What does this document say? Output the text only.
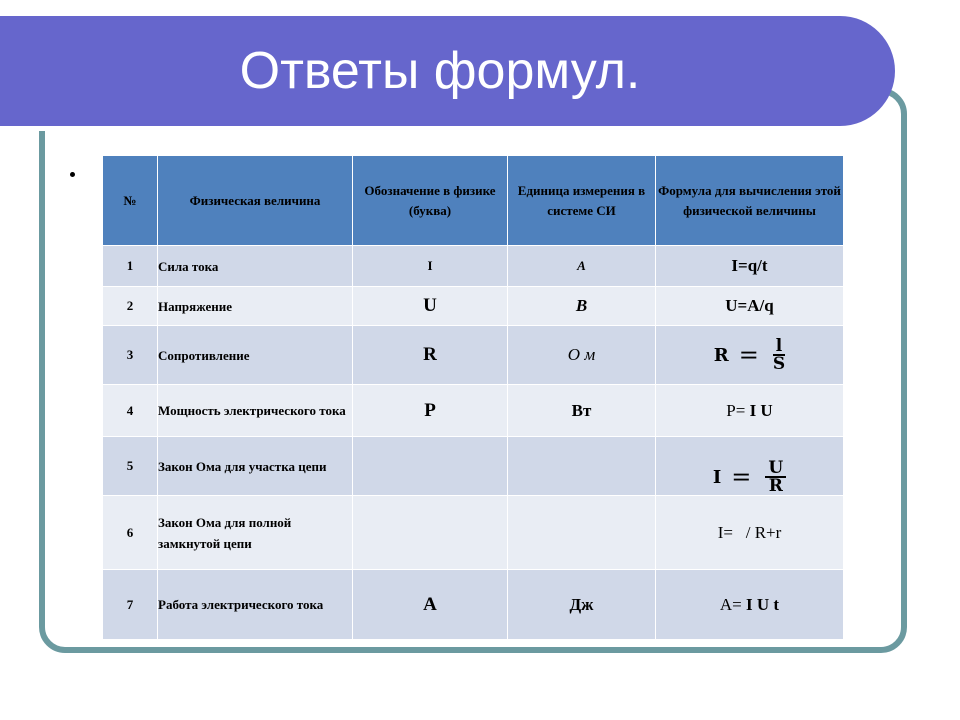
Ответы формул.
№	Физическая величина	Обозначение в физике (буква)	Единица измерения в системе СИ	Формула для вычисления этой физической величины

1	Сила тока	I	А	I=q/t
2	Напряжение	U	В	U=A/q
3	Сопротивление	R	О м	$R = \frac{l}{S}$

4	Мощность электрического тока	P	Вт	P= I U
5	Закон Ома для участка цепи			$I = \frac{U}{R}$

6	Закон Ома для полной замкнутой цепи			I=   / R+r
7	Работа электрического тока	A	Дж	A= I U t
